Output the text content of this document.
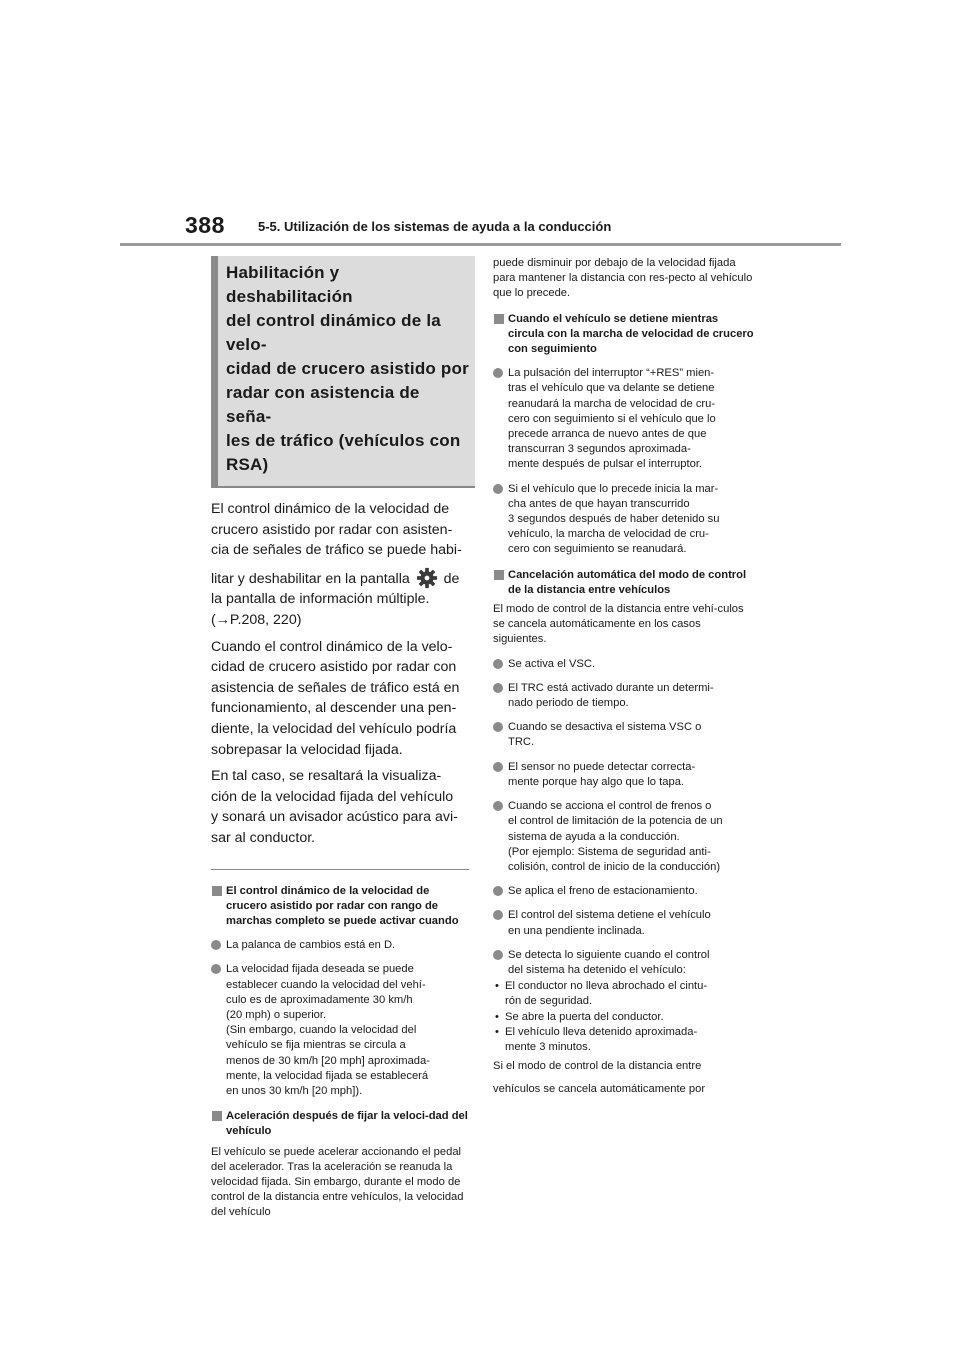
388	5-5. Utilización de los sistemas de ayuda a la conducción
Habilitación y deshabilitación
del control dinámico de la velo-
cidad de crucero asistido por
radar con asistencia de seña-
les de tráfico (vehículos con
RSA)
El control dinámico de la velocidad de
crucero asistido por radar con asisten-
cia de señales de tráfico se puede habi-
litar y deshabilitar en la pantalla de
la pantalla de información múltiple.
(→P.208, 220)
Cuando el control dinámico de la velo-
cidad de crucero asistido por radar con
asistencia de señales de tráfico está en
funcionamiento, al descender una pen-
diente, la velocidad del vehículo podría
sobrepasar la velocidad fijada.
En tal caso, se resaltará la visualiza-
ción de la velocidad fijada del vehículo
y sonará un avisador acústico para avi-
sar al conductor.
El control dinámico de la velocidad de crucero asistido por radar con rango de marchas completo se puede activar cuando
La palanca de cambios está en D.
La velocidad fijada deseada se puede
establecer cuando la velocidad del vehí-
culo es de aproximadamente 30 km/h
(20 mph) o superior.
(Sin embargo, cuando la velocidad del
vehículo se fija mientras se circula a
menos de 30 km/h [20 mph] aproximada-
mente, la velocidad fijada se establecerá
en unos 30 km/h [20 mph]).
Aceleración después de fijar la veloci-dad del vehículo
El vehículo se puede acelerar accionando el pedal del acelerador. Tras la aceleración se reanuda la velocidad fijada. Sin embargo, durante el modo de control de la distancia entre vehículos, la velocidad del vehículo
puede disminuir por debajo de la velocidad fijada para mantener la distancia con res-pecto al vehículo que lo precede.
Cuando el vehículo se detiene mientras circula con la marcha de velocidad de crucero con seguimiento
La pulsación del interruptor “+RES” mien-
tras el vehículo que va delante se detiene
reanudará la marcha de velocidad de cru-
cero con seguimiento si el vehículo que lo
precede arranca de nuevo antes de que
transcurran 3 segundos aproximada-
mente después de pulsar el interruptor.
Si el vehículo que lo precede inicia la mar-
cha antes de que hayan transcurrido
3 segundos después de haber detenido su
vehículo, la marcha de velocidad de cru-
cero con seguimiento se reanudará.
Cancelación automática del modo de control de la distancia entre vehículos
El modo de control de la distancia entre vehí-culos se cancela automáticamente en los casos siguientes.
Se activa el VSC.
El TRC está activado durante un determi-
nado periodo de tiempo.
Cuando se desactiva el sistema VSC o
TRC.
El sensor no puede detectar correcta-
mente porque hay algo que lo tapa.
Cuando se acciona el control de frenos o
el control de limitación de la potencia de un
sistema de ayuda a la conducción.
(Por ejemplo: Sistema de seguridad anti-
colisión, control de inicio de la conducción)
Se aplica el freno de estacionamiento.
El control del sistema detiene el vehículo
en una pendiente inclinada.
Se detecta lo siguiente cuando el control
del sistema ha detenido el vehículo:
• El conductor no lleva abrochado el cintu-
rón de seguridad.
• Se abre la puerta del conductor.
• El vehículo lleva detenido aproximada-
mente 3 minutos.
Si el modo de control de la distancia entre
vehículos se cancela automáticamente por
